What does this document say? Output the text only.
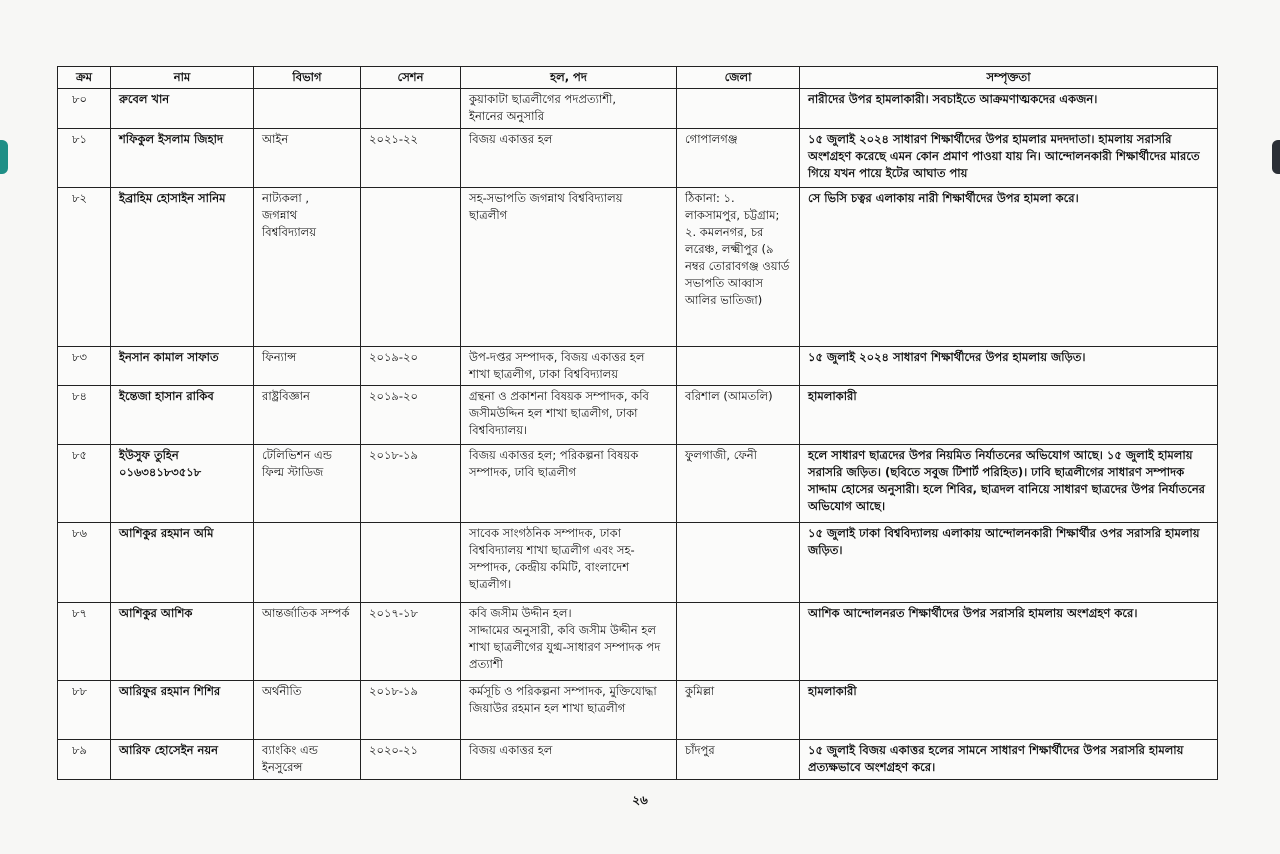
ক্রম	নাম	বিভাগ	সেশন	হল, পদ	জেলা	সম্পৃক্ততা
৮০	রুবেল খান			কুয়াকাটা ছাত্রলীগের পদপ্রত্যাশী,
ইনানের অনুসারি		নারীদের উপর হামলাকারী। সবচাইতে আক্রমণাত্মকদের একজন।
৮১	শফিকুল ইসলাম জিহাদ	আইন	২০২১-২২	বিজয় একাত্তর হল	গোপালগঞ্জ	১৫ জুলাই ২০২৪ সাধারণ শিক্ষার্থীদের উপর হামলার মদদদাতা। হামলায় সরাসরি অংশগ্রহণ করেছে এমন কোন প্রমাণ পাওয়া যায় নি। আন্দোলনকারী শিক্ষার্থীদের মারতে গিয়ে যখন পায়ে ইটের আঘাত পায়
৮২	ইব্রাহিম হোসাইন সানিম	নাট্যকলা ,
জগন্নাথ
বিশ্ববিদ্যালয়		সহ-সভাপতি জগন্নাথ বিশ্ববিদ্যালয়
ছাত্রলীগ	ঠিকানা: ১. লাকসামপুর, চট্টগ্রাম; ২. কমলনগর, চর লরেঞ্চ, লক্ষ্মীপুর (৯ নম্বর তোরাবগঞ্জ ওয়ার্ড সভাপতি আব্বাস আলির ভাতিজা)	সে ভিসি চত্বর এলাকায় নারী শিক্ষার্থীদের উপর হামলা করে।
৮৩	ইনসান কামাল সাফাত	ফিন্যান্স	২০১৯-২০	উপ-দপ্তর সম্পাদক, বিজয় একাত্তর হল শাখা ছাত্রলীগ, ঢাকা বিশ্ববিদ্যালয়		১৫ জুলাই ২০২৪ সাধারণ শিক্ষার্থীদের উপর হামলায় জড়িত।
৮৪	ইন্তেজা হাসান রাকিব	রাষ্ট্রবিজ্ঞান	২০১৯-২০	গ্রন্থনা ও প্রকাশনা বিষয়ক সম্পাদক, কবি জসীমউদ্দিন হল শাখা ছাত্রলীগ, ঢাকা বিশ্ববিদ্যালয়।	বরিশাল (আমতলি)	হামলাকারী
৮৫	ইউসুফ তুহিন
০১৬৩৪১৮৩৫১৮	টেলিভিশন এন্ড
ফিল্ম স্টাডিজ	২০১৮-১৯	বিজয় একাত্তর হল; পরিকল্পনা বিষয়ক সম্পাদক, ঢাবি ছাত্রলীগ	ফুলগাজী, ফেনী	হলে সাধারণ ছাত্রদের উপর নিয়মিত নির্যাতনের অভিযোগ আছে। ১৫ জুলাই হামলায় সরাসরি জড়িত। (ছবিতে সবুজ টিশার্ট পরিহিত)। ঢাবি ছাত্রলীগের সাধারণ সম্পাদক সাদ্দাম হোসের অনুসারী। হলে শিবির, ছাত্রদল বানিয়ে সাধারণ ছাত্রদের উপর নির্যাতনের অভিযোগ আছে।
৮৬	আশিকুর রহমান অমি			সাবেক সাংগঠনিক সম্পাদক, ঢাকা বিশ্ববিদ্যালয় শাখা ছাত্রলীগ এবং সহ-সম্পাদক, কেন্দ্রীয় কমিটি, বাংলাদেশ ছাত্রলীগ।		১৫ জুলাই ঢাকা বিশ্ববিদ্যালয় এলাকায় আন্দোলনকারী শিক্ষার্থীর ওপর সরাসরি হামলায় জড়িত।
৮৭	আশিকুর আশিক	আন্তর্জাতিক সম্পর্ক	২০১৭-১৮	কবি জসীম উদ্দীন হল।
সাদ্দামের অনুসারী, কবি জসীম উদ্দীন হল শাখা ছাত্রলীগের যুগ্ম-সাধারণ সম্পাদক পদ প্রত্যাশী		আশিক আন্দোলনরত শিক্ষার্থীদের উপর সরাসরি হামলায় অংশগ্রহণ করে।
৮৮	আরিফুর রহমান শিশির	অর্থনীতি	২০১৮-১৯	কর্মসূচি ও পরিকল্পনা সম্পাদক, মুক্তিযোদ্ধা জিয়াউর রহমান হল শাখা ছাত্রলীগ	কুমিল্লা	হামলাকারী
৮৯	আরিফ হোসেইন নয়ন	ব্যাংকিং এন্ড
ইনসুরেন্স	২০২০-২১	বিজয় একাত্তর হল	চাঁদপুর	১৫ জুলাই বিজয় একাত্তর হলের সামনে সাধারণ শিক্ষার্থীদের উপর সরাসরি হামলায় প্রত্যক্ষভাবে অংশগ্রহণ করে।
২৬
